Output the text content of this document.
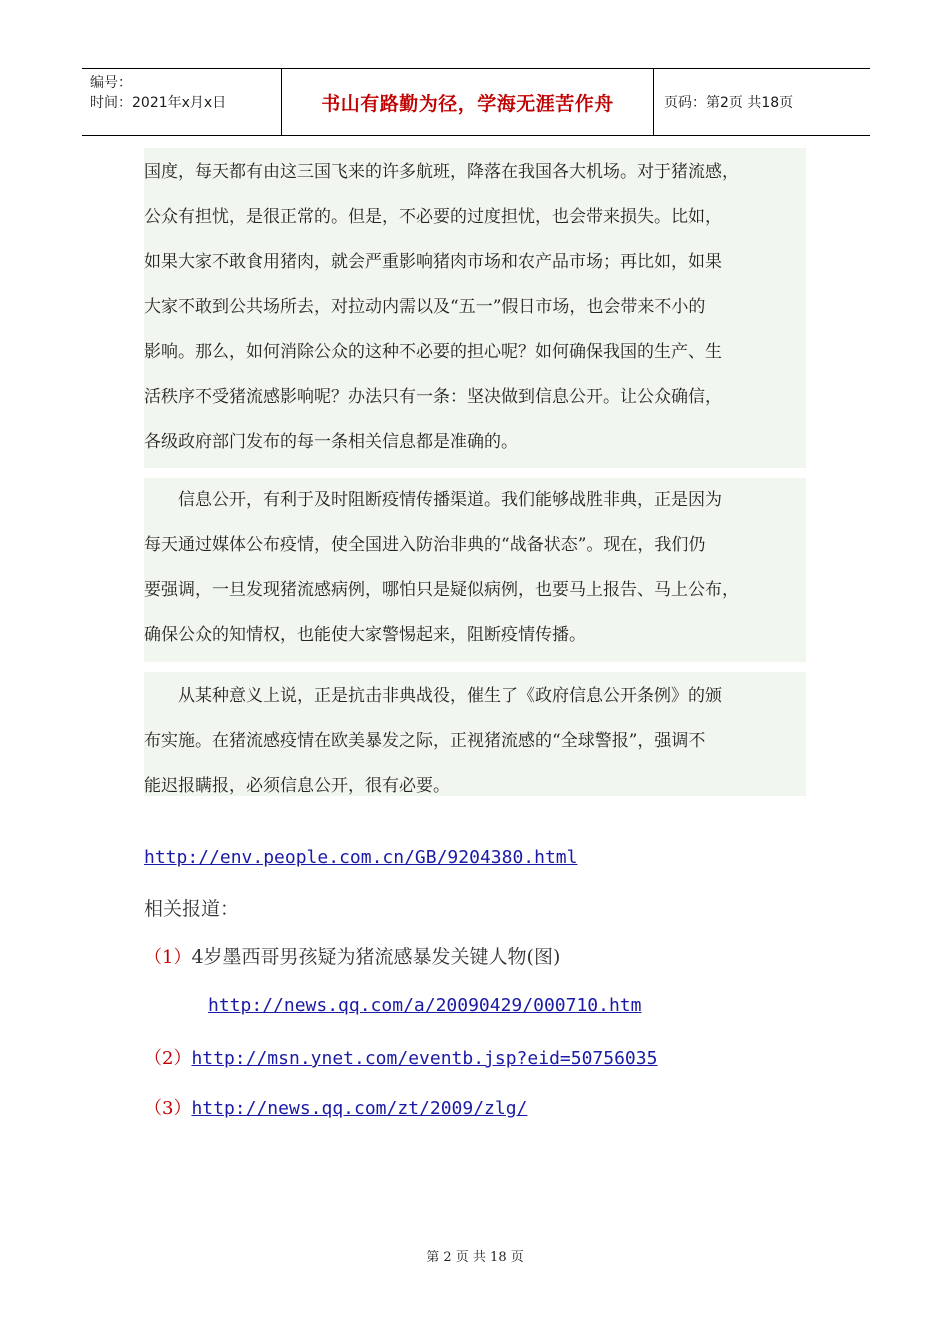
编号：
时间：2021年x月x日	书山有路勤为径，学海无涯苦作舟	页码：第2页 共18页
国度，每天都有由这三国飞来的许多航班，降落在我国各大机场。对于猪流感，
公众有担忧，是很正常的。但是，不必要的过度担忧，也会带来损失。比如，
如果大家不敢食用猪肉，就会严重影响猪肉市场和农产品市场；再比如，如果
大家不敢到公共场所去，对拉动内需以及“五一”假日市场，也会带来不小的
影响。那么，如何消除公众的这种不必要的担心呢？如何确保我国的生产、生
活秩序不受猪流感影响呢？办法只有一条：坚决做到信息公开。让公众确信，
各级政府部门发布的每一条相关信息都是准确的。
　　信息公开，有利于及时阻断疫情传播渠道。我们能够战胜非典，正是因为
每天通过媒体公布疫情，使全国进入防治非典的“战备状态”。现在，我们仍
要强调，一旦发现猪流感病例，哪怕只是疑似病例，也要马上报告、马上公布，
确保公众的知情权，也能使大家警惕起来，阻断疫情传播。
　　从某种意义上说，正是抗击非典战役，催生了《政府信息公开条例》的颁
布实施。在猪流感疫情在欧美暴发之际，正视猪流感的“全球警报”，强调不
能迟报瞒报，必须信息公开，很有必要。
http://env.people.com.cn/GB/9204380.html
相关报道：
（1）4岁墨西哥男孩疑为猪流感暴发关键人物(图)
http://news.qq.com/a/20090429/000710.htm
（2）http://msn.ynet.com/eventb.jsp?eid=50756035
（3）http://news.qq.com/zt/2009/zlg/
第 2 页 共 18 页
